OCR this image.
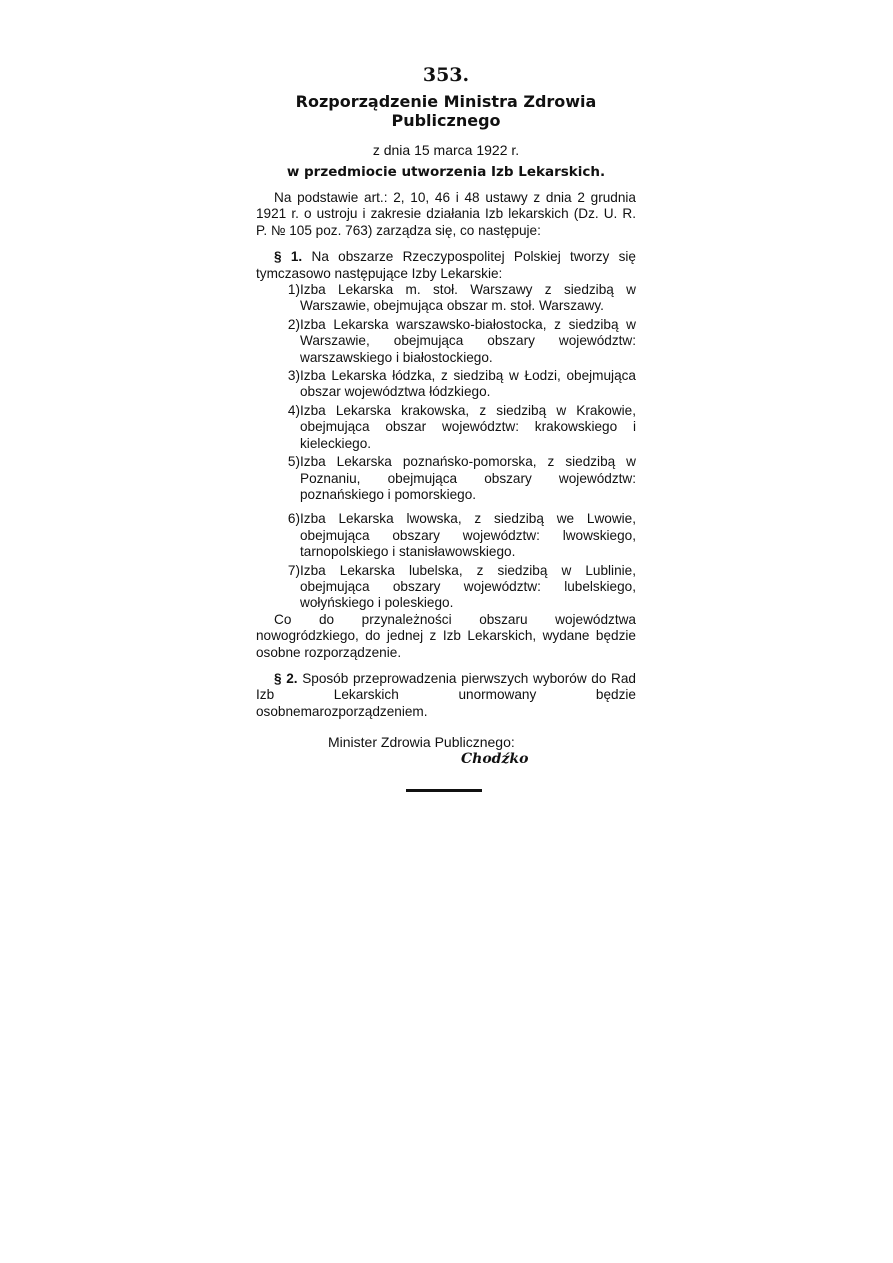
353.
Rozporządzenie Ministra Zdrowia Publicznego
z dnia 15 marca 1922 r.
w przedmiocie utworzenia Izb Lekarskich.

Na podstawie art.: 2, 10, 46 i 48 ustawy z dnia 2 grudnia 1921 r. o ustroju i zakresie działania Izb lekarskich (Dz. U. R. P. № 105 poz. 763) zarządza się, co następuje:

§ 1. Na obszarze Rzeczypospolitej Polskiej tworzy się tymczasowo następujące Izby Lekarskie:

1) Izba Lekarska m. stoł. Warszawy z siedzibą w Warszawie, obejmująca obszar m. stoł. Warszawy.
2) Izba Lekarska warszawsko-białostocka, z siedzibą w Warszawie, obejmująca obszary województw: warszawskiego i białostockiego.
3) Izba Lekarska łódzka, z siedzibą w Łodzi, obejmująca obszar województwa łódzkiego.
4) Izba Lekarska krakowska, z siedzibą w Krakowie, obejmująca obszar województw: krakowskiego i kieleckiego.
5) Izba Lekarska poznańsko-pomorska, z siedzibą w Poznaniu, obejmująca obszary województw: poznańskiego i pomorskiego.
6) Izba Lekarska lwowska, z siedzibą we Lwowie, obejmująca obszary województw: lwowskiego, tarnopolskiego i stanisławowskiego.
7) Izba Lekarska lubelska, z siedzibą w Lublinie, obejmująca obszary województw: lubelskiego, wołyńskiego i poleskiego.

Co do przynależności obszaru województwa nowogródzkiego, do jednej z Izb Lekarskich, wydane będzie osobne rozporządzenie.

§ 2. Sposób przeprowadzenia pierwszych wyborów do Rad Izb Lekarskich unormowany będzie osobnemarozporządzeniem.

Minister Zdrowia Publicznego:
Chodźko
